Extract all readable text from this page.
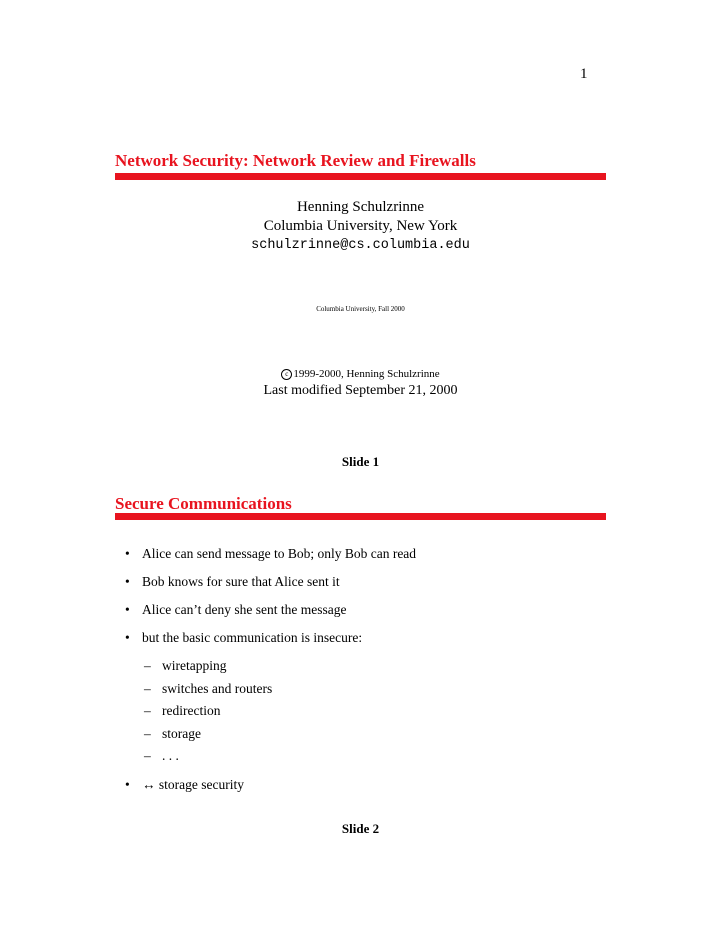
1
Network Security: Network Review and Firewalls
Henning Schulzrinne
Columbia University, New York
schulzrinne@cs.columbia.edu
Columbia University, Fall 2000
c 1999-2000, Henning Schulzrinne
Last modified September 21, 2000
Slide 1
Secure Communications
• Alice can send message to Bob; only Bob can read
• Bob knows for sure that Alice sent it
• Alice can’t deny she sent the message
• but the basic communication is insecure:
– wiretapping
– switches and routers
– redirection
– storage
– . . .
• ↔ storage security
Slide 2
